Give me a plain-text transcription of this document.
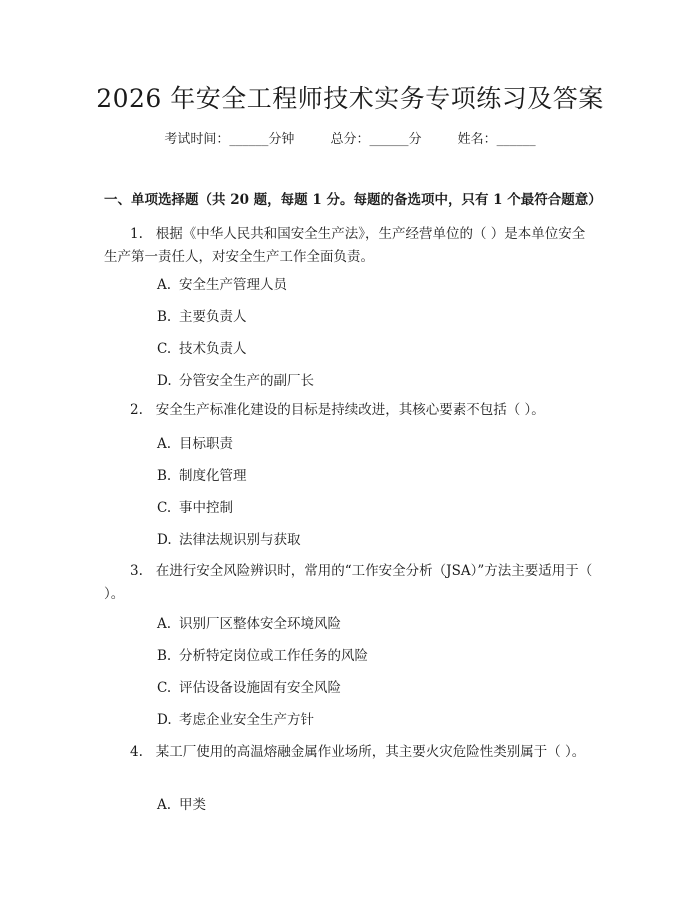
2026 年安全工程师技术实务专项练习及答案
考试时间：______分钟	总分：______分	姓名：______
一、单项选择题（共 20 题，每题 1 分。每题的备选项中，只有 1 个最符合题意）
1. 根据《中华人民共和国安全生产法》，生产经营单位的（ ）是本单位安全生产第一责任人，对安全生产工作全面负责。
A. 安全生产管理人员
B. 主要负责人
C. 技术负责人
D. 分管安全生产的副厂长
2. 安全生产标准化建设的目标是持续改进，其核心要素不包括（ ）。
A. 目标职责
B. 制度化管理
C. 事中控制
D. 法律法规识别与获取
3. 在进行安全风险辨识时，常用的“工作安全分析（JSA）”方法主要适用于（ ）。
A. 识别厂区整体安全环境风险
B. 分析特定岗位或工作任务的风险
C. 评估设备设施固有安全风险
D. 考虑企业安全生产方针
4. 某工厂使用的高温熔融金属作业场所，其主要火灾危险性类别属于（ ）。
A. 甲类
